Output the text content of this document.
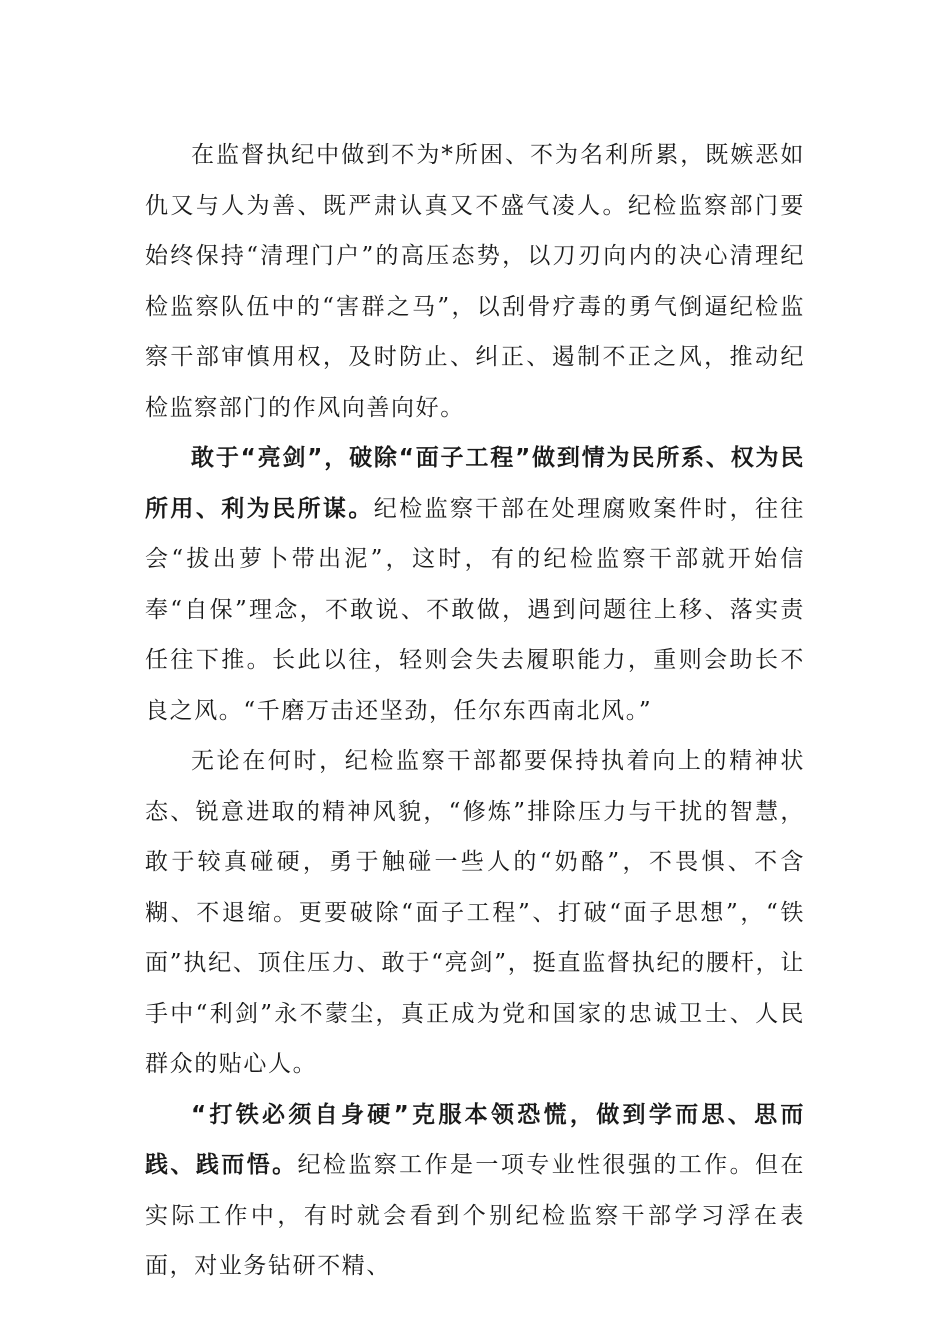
在监督执纪中做到不为*所困、不为名利所累，既嫉恶如仇又与人为善、既严肃认真又不盛气凌人。纪检监察部门要始终保持“清理门户”的高压态势，以刀刃向内的决心清理纪检监察队伍中的“害群之马”，以刮骨疗毒的勇气倒逼纪检监察干部审慎用权，及时防止、纠正、遏制不正之风，推动纪检监察部门的作风向善向好。

敢于“亮剑”，破除“面子工程”做到情为民所系、权为民所用、利为民所谋。纪检监察干部在处理腐败案件时，往往会“拔出萝卜带出泥”，这时，有的纪检监察干部就开始信奉“自保”理念，不敢说、不敢做，遇到问题往上移、落实责任往下推。长此以往，轻则会失去履职能力，重则会助长不良之风。“千磨万击还坚劲，任尔东西南北风。”

无论在何时，纪检监察干部都要保持执着向上的精神状态、锐意进取的精神风貌，“修炼”排除压力与干扰的智慧，敢于较真碰硬，勇于触碰一些人的“奶酪”，不畏惧、不含糊、不退缩。更要破除“面子工程”、打破“面子思想”，“铁面”执纪、顶住压力、敢于“亮剑”，挺直监督执纪的腰杆，让手中“利剑”永不蒙尘，真正成为党和国家的忠诚卫士、人民群众的贴心人。

“打铁必须自身硬”克服本领恐慌，做到学而思、思而践、践而悟。纪检监察工作是一项专业性很强的工作。但在实际工作中，有时就会看到个别纪检监察干部学习浮在表面，对业务钻研不精、
